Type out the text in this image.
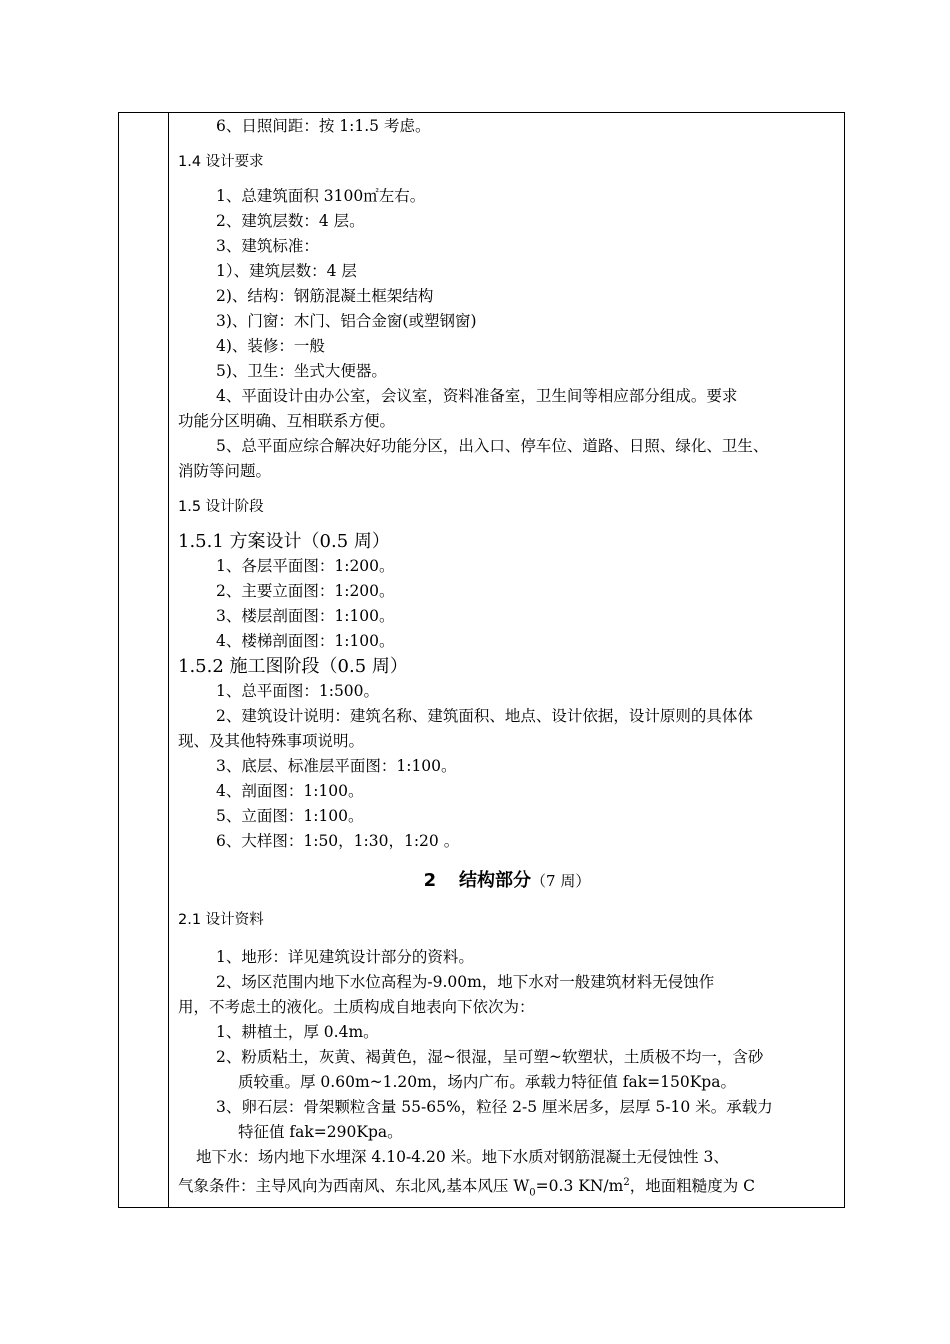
6、日照间距：按 1:1.5 考虑。

1.4 设计要求

1、总建筑面积 3100㎡左右。

2、建筑层数：4 层。

3、建筑标准：

1）、建筑层数：4 层

2)、结构：钢筋混凝土框架结构

3)、门窗：木门、铝合金窗(或塑钢窗)

4)、装修：一般

5)、卫生：坐式大便器。

4、平面设计由办公室，会议室，资料准备室，卫生间等相应部分组成。要求

功能分区明确、互相联系方便。

5、总平面应综合解决好功能分区，出入口、停车位、道路、日照、绿化、卫生、

消防等问题。

1.5 设计阶段

1.5.1 方案设计（0.5 周）

1、各层平面图：1:200。

2、主要立面图：1:200。

3、楼层剖面图：1:100。

4、楼梯剖面图：1:100。

1.5.2 施工图阶段（0.5 周）

1、总平面图：1:500。

2、建筑设计说明：建筑名称、建筑面积、地点、设计依据，设计原则的具体体

现、及其他特殊事项说明。

3、底层、标准层平面图：1:100。

4、剖面图：1:100。

5、立面图：1:100。

6、大样图：1:50，1:30，1:20 。

2 结构部分（7 周）

2.1 设计资料

1、地形：详见建筑设计部分的资料。

2、场区范围内地下水位高程为-9.00m，地下水对一般建筑材料无侵蚀作

用，不考虑土的液化。土质构成自地表向下依次为：

1、耕植土，厚 0.4m。

2、粉质粘土，灰黄、褐黄色，湿~很湿，呈可塑~软塑状，土质极不均一，含砂

质较重。厚 0.60m~1.20m，场内广布。承载力特征值 fak=150Kpa。

3、卵石层：骨架颗粒含量 55-65%，粒径 2-5 厘米居多，层厚 5-10 米。承载力

特征值 fak=290Kpa。

地下水：场内地下水埋深 4.10-4.20 米。地下水质对钢筋混凝土无侵蚀性 3、

气象条件：主导风向为西南风、东北风,基本风压 $W_0=0.3$ $KN/m^2$，地面粗糙度为 C
